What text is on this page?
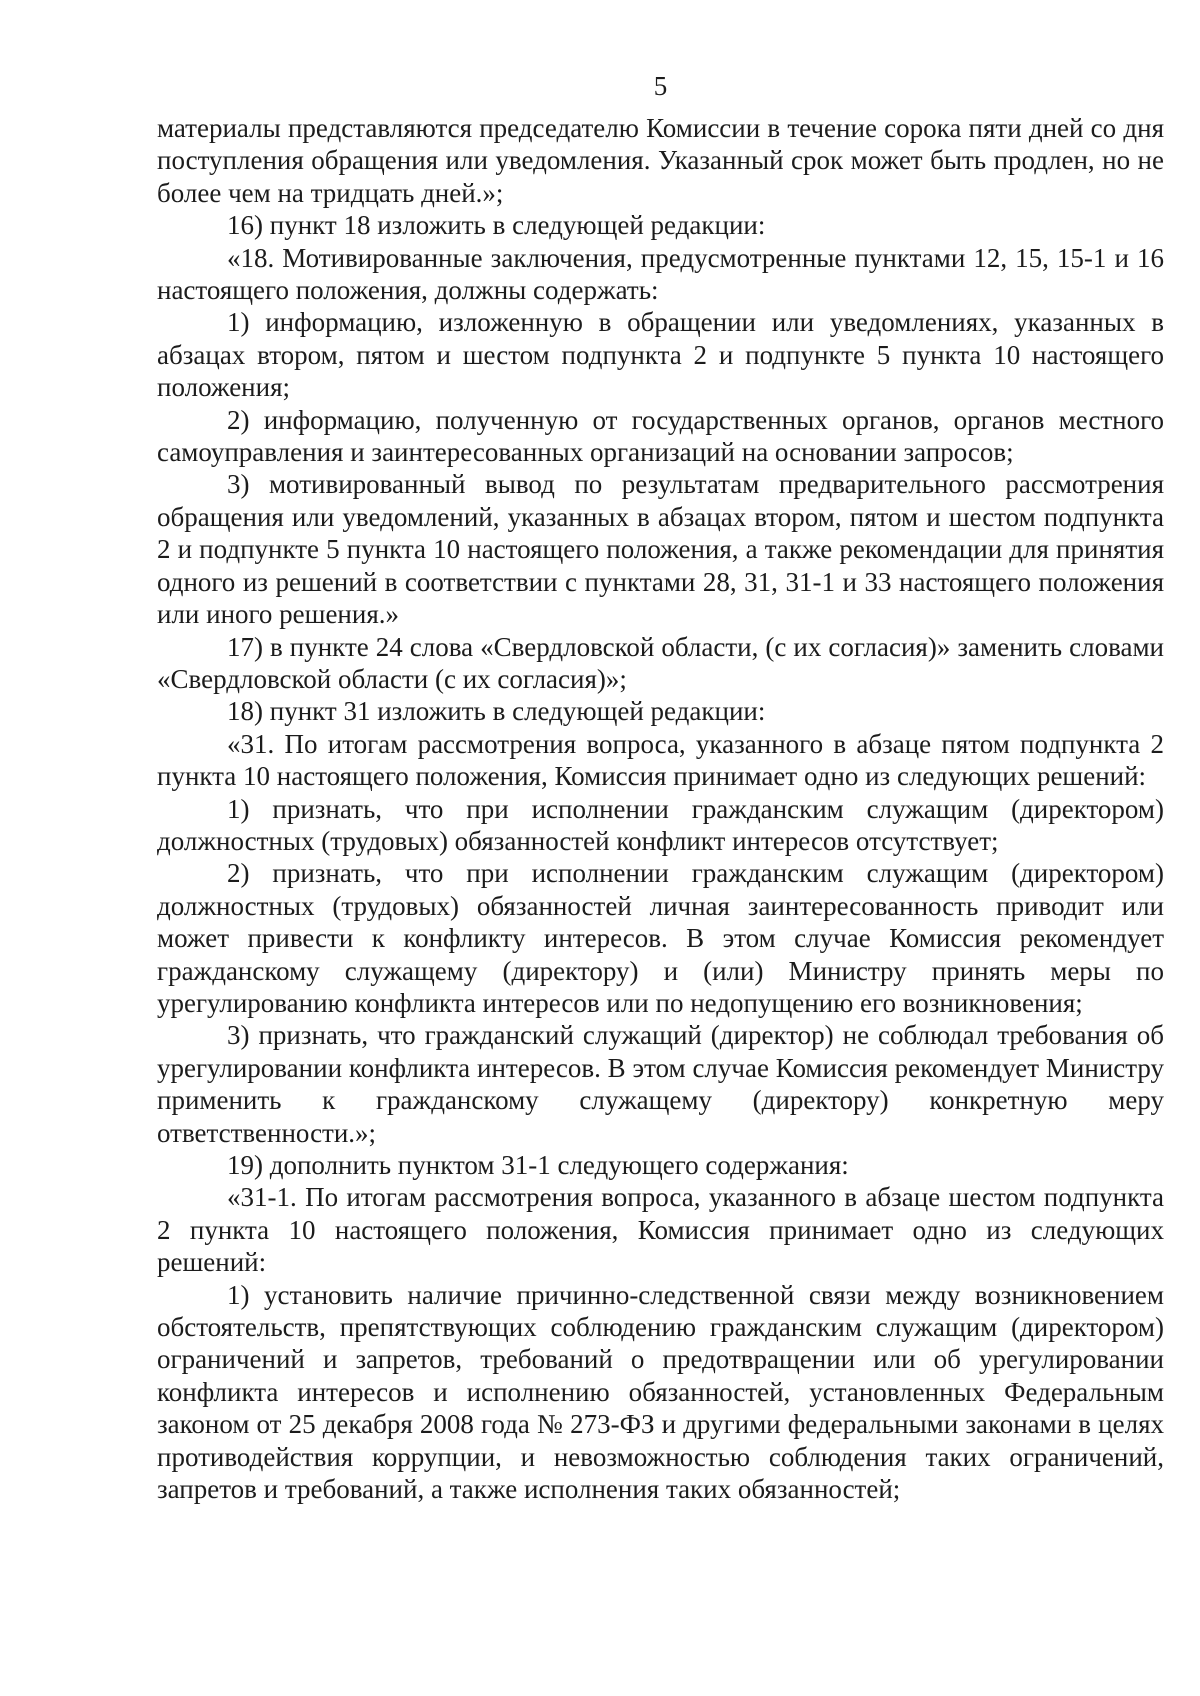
5

материалы представляются председателю Комиссии в течение сорока пяти дней со дня поступления обращения или уведомления. Указанный срок может быть продлен, но не более чем на тридцать дней.»;

16) пункт 18 изложить в следующей редакции:

«18. Мотивированные заключения, предусмотренные пунктами 12, 15, 15-1 и 16 настоящего положения, должны содержать:

1) информацию, изложенную в обращении или уведомлениях, указанных в абзацах втором, пятом и шестом подпункта 2 и подпункте 5 пункта 10 настоящего положения;

2) информацию, полученную от государственных органов, органов местного самоуправления и заинтересованных организаций на основании запросов;

3) мотивированный вывод по результатам предварительного рассмотрения обращения или уведомлений, указанных в абзацах втором, пятом и шестом подпункта 2 и подпункте 5 пункта 10 настоящего положения, а также рекомендации для принятия одного из решений в соответствии с пунктами 28, 31, 31-1 и 33 настоящего положения или иного решения.»

17) в пункте 24 слова «Свердловской области, (с их согласия)» заменить словами «Свердловской области (с их согласия)»;

18) пункт 31 изложить в следующей редакции:

«31. По итогам рассмотрения вопроса, указанного в абзаце пятом подпункта 2 пункта 10 настоящего положения, Комиссия принимает одно из следующих решений:

1) признать, что при исполнении гражданским служащим (директором) должностных (трудовых) обязанностей конфликт интересов отсутствует;

2) признать, что при исполнении гражданским служащим (директором) должностных (трудовых) обязанностей личная заинтересованность приводит или может привести к конфликту интересов. В этом случае Комиссия рекомендует гражданскому служащему (директору) и (или) Министру принять меры по урегулированию конфликта интересов или по недопущению его возникновения;

3) признать, что гражданский служащий (директор) не соблюдал требования об урегулировании конфликта интересов. В этом случае Комиссия рекомендует Министру применить к гражданскому служащему (директору) конкретную меру ответственности.»;

19) дополнить пунктом 31-1 следующего содержания:

«31-1. По итогам рассмотрения вопроса, указанного в абзаце шестом подпункта 2 пункта 10 настоящего положения, Комиссия принимает одно из следующих решений:

1) установить наличие причинно-следственной связи между возникновением обстоятельств, препятствующих соблюдению гражданским служащим (директором) ограничений и запретов, требований о предотвращении или об урегулировании конфликта интересов и исполнению обязанностей, установленных Федеральным законом от 25 декабря 2008 года № 273-ФЗ и другими федеральными законами в целях противодействия коррупции, и невозможностью соблюдения таких ограничений, запретов и требований, а также исполнения таких обязанностей;
